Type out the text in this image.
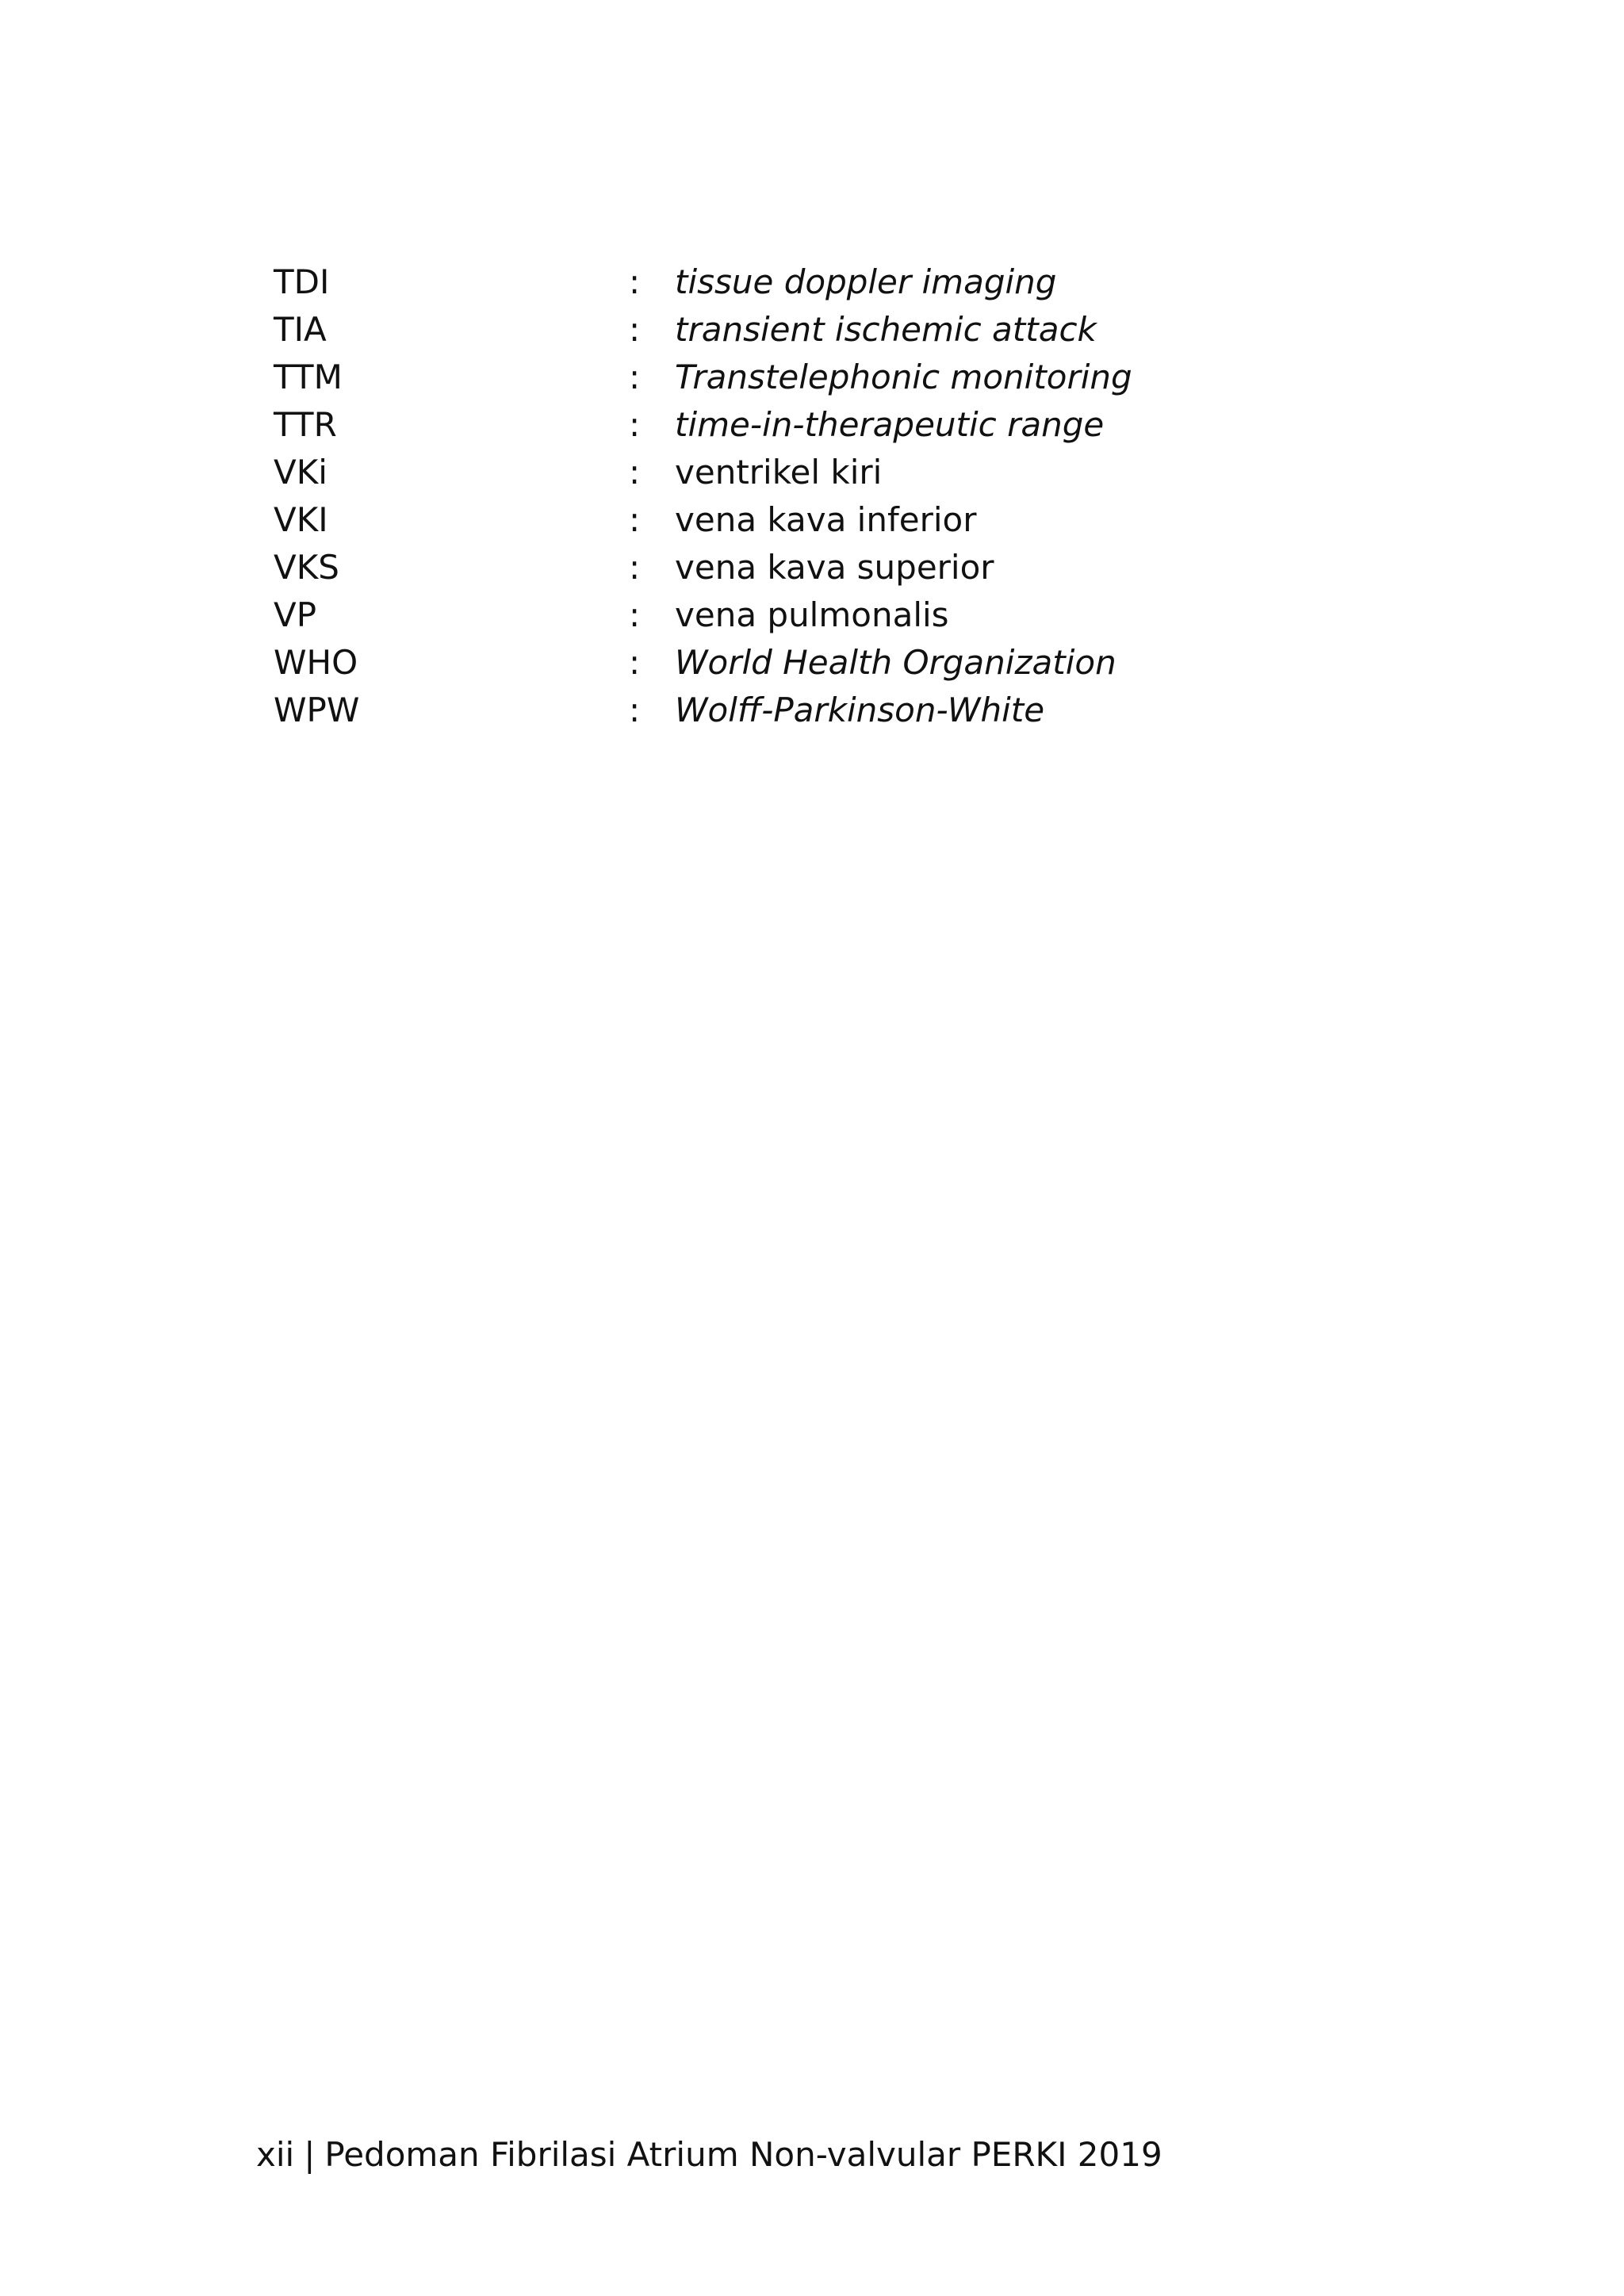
TDI	:	tissue doppler imaging
TIA	:	transient ischemic attack
TTM	:	Transtelephonic monitoring
TTR	:	time-in-therapeutic range
VKi	:	ventrikel kiri
VKI	:	vena kava inferior
VKS	:	vena kava superior
VP	:	vena pulmonalis
WHO	:	World Health Organization
WPW	:	Wolff-Parkinson-White
xii | Pedoman Fibrilasi Atrium Non-valvular PERKI 2019
